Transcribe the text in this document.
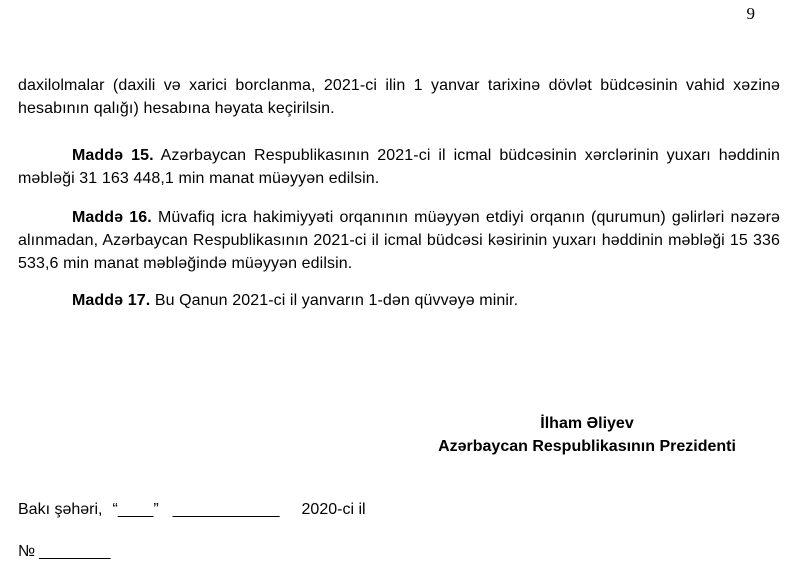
9

daxilolmalar (daxili və xarici borclanma, 2021-ci ilin 1 yanvar tarixinə dövlət büdcəsinin vahid xəzinə hesabının qalığı) hesabına həyata keçirilsin.

Maddə 15. Azərbaycan Respublikasının 2021-ci il icmal büdcəsinin xərclərinin yuxarı həddinin məbləği 31 163 448,1 min manat müəyyən edilsin.

Maddə 16. Müvafiq icra hakimiyyəti orqanının müəyyən etdiyi orqanın (qurumun) gəlirləri nəzərə alınmadan, Azərbaycan Respublikasının 2021-ci il icmal büdcəsi kəsirinin yuxarı həddinin məbləği 15 336 533,6 min manat məbləğində müəyyən edilsin.

Maddə 17. Bu Qanun 2021-ci il yanvarın 1-dən qüvvəyə minir.

İlham Əliyev
Azərbaycan Respublikasının Prezidenti
Bakı şəhəri, “____” ____________ 2020-ci il
№ ________
